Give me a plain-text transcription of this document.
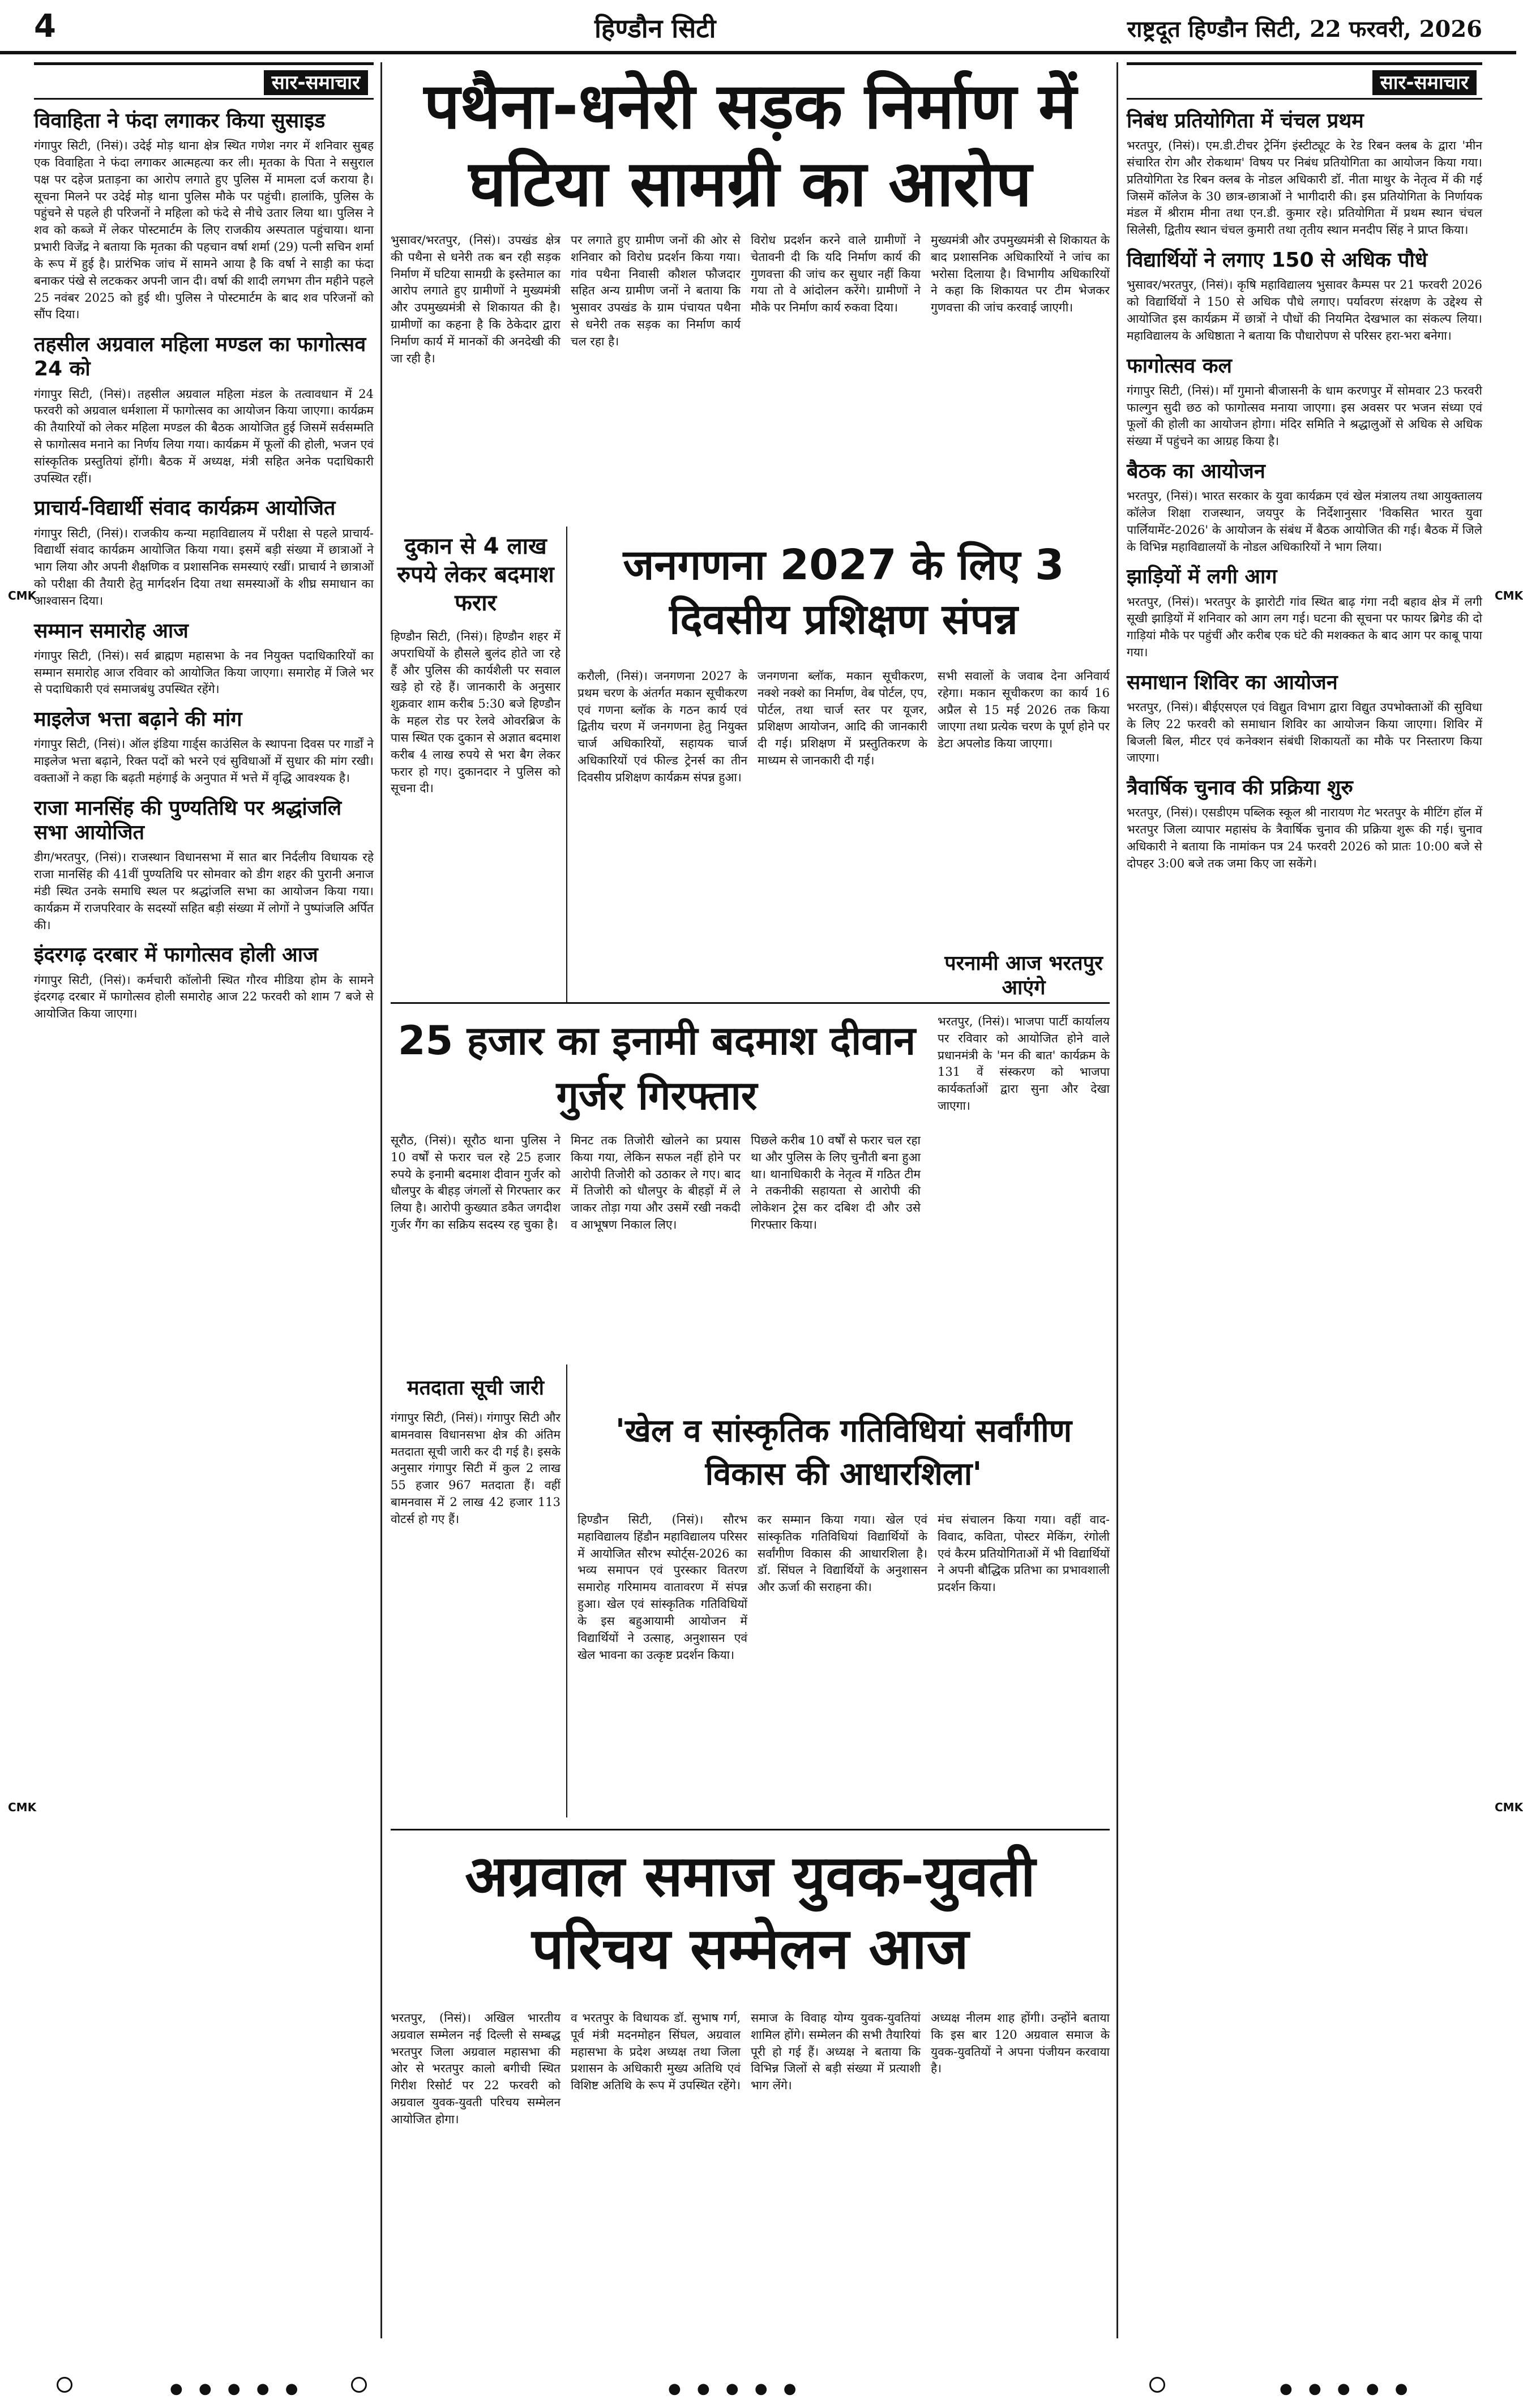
4	हिण्डौन सिटी	राष्ट्रदूत हिण्डौन सिटी, 22 फरवरी, 2026
सार-समाचार
विवाहिता ने फंदा लगाकर किया सुसाइड
गंगापुर सिटी, (निसं)। उदेई मोड़ थाना क्षेत्र स्थित गणेश नगर में शनिवार सुबह एक विवाहिता ने फंदा लगाकर आत्महत्या कर ली। मृतका के पिता ने ससुराल पक्ष पर दहेज प्रताड़ना का आरोप लगाते हुए पुलिस में मामला दर्ज कराया है। सूचना मिलने पर उदेई मोड़ थाना पुलिस मौके पर पहुंची। हालांकि, पुलिस के पहुंचने से पहले ही परिजनों ने महिला को फंदे से नीचे उतार लिया था। पुलिस ने शव को कब्जे में लेकर पोस्टमार्टम के लिए राजकीय अस्पताल पहुंचाया। थाना प्रभारी विजेंद्र ने बताया कि मृतका की पहचान वर्षा शर्मा (29) पत्नी सचिन शर्मा के रूप में हुई है। प्रारंभिक जांच में सामने आया है कि वर्षा ने साड़ी का फंदा बनाकर पंखे से लटककर अपनी जान दी। वर्षा की शादी लगभग तीन महीने पहले 25 नवंबर 2025 को हुई थी। पुलिस ने पोस्टमार्टम के बाद शव परिजनों को सौंप दिया।
तहसील अग्रवाल महिला मण्डल का फागोत्सव 24 को
गंगापुर सिटी, (निसं)। तहसील अग्रवाल महिला मंडल के तत्वावधान में 24 फरवरी को अग्रवाल धर्मशाला में फागोत्सव का आयोजन किया जाएगा। कार्यक्रम की तैयारियों को लेकर महिला मण्डल की बैठक आयोजित हुई जिसमें सर्वसम्मति से फागोत्सव मनाने का निर्णय लिया गया। कार्यक्रम में फूलों की होली, भजन एवं सांस्कृतिक प्रस्तुतियां होंगी। बैठक में अध्यक्ष, मंत्री सहित अनेक पदाधिकारी उपस्थित रहीं।
प्राचार्य-विद्यार्थी संवाद कार्यक्रम आयोजित
गंगापुर सिटी, (निसं)। राजकीय कन्या महाविद्यालय में परीक्षा से पहले प्राचार्य-विद्यार्थी संवाद कार्यक्रम आयोजित किया गया। इसमें बड़ी संख्या में छात्राओं ने भाग लिया और अपनी शैक्षणिक व प्रशासनिक समस्याएं रखीं। प्राचार्य ने छात्राओं को परीक्षा की तैयारी हेतु मार्गदर्शन दिया तथा समस्याओं के शीघ्र समाधान का आश्वासन दिया।
सम्मान समारोह आज
गंगापुर सिटी, (निसं)। सर्व ब्राह्मण महासभा के नव नियुक्त पदाधिकारियों का सम्मान समारोह आज रविवार को आयोजित किया जाएगा। समारोह में जिले भर से पदाधिकारी एवं समाजबंधु उपस्थित रहेंगे।
माइलेज भत्ता बढ़ाने की मांग
गंगापुर सिटी, (निसं)। ऑल इंडिया गार्ड्स काउंसिल के स्थापना दिवस पर गार्डों ने माइलेज भत्ता बढ़ाने, रिक्त पदों को भरने एवं सुविधाओं में सुधार की मांग रखी। वक्ताओं ने कहा कि बढ़ती महंगाई के अनुपात में भत्ते में वृद्धि आवश्यक है।
राजा मानसिंह की पुण्यतिथि पर श्रद्धांजलि सभा आयोजित
डीग/भरतपुर, (निसं)। राजस्थान विधानसभा में सात बार निर्दलीय विधायक रहे राजा मानसिंह की 41वीं पुण्यतिथि पर सोमवार को डीग शहर की पुरानी अनाज मंडी स्थित उनके समाधि स्थल पर श्रद्धांजलि सभा का आयोजन किया गया। कार्यक्रम में राजपरिवार के सदस्यों सहित बड़ी संख्या में लोगों ने पुष्पांजलि अर्पित की।
इंदरगढ़ दरबार में फागोत्सव होली आज
गंगापुर सिटी, (निसं)। कर्मचारी कॉलोनी स्थित गौरव मीडिया होम के सामने इंदरगढ़ दरबार में फागोत्सव होली समारोह आज 22 फरवरी को शाम 7 बजे से आयोजित किया जाएगा।
पथैना-धनेरी सड़क निर्माण में घटिया सामग्री का आरोप
भुसावर/भरतपुर, (निसं)। उपखंड क्षेत्र की पथैना से धनेरी तक बन रही सड़क निर्माण में घटिया सामग्री के इस्तेमाल का आरोप लगाते हुए ग्रामीणों ने मुख्यमंत्री और उपमुख्यमंत्री से शिकायत की है। ग्रामीणों का कहना है कि ठेकेदार द्वारा निर्माण कार्य में मानकों की अनदेखी की जा रही है।
पर लगाते हुए ग्रामीण जनों की ओर से शनिवार को विरोध प्रदर्शन किया गया। गांव पथैना निवासी कौशल फौजदार सहित अन्य ग्रामीण जनों ने बताया कि भुसावर उपखंड के ग्राम पंचायत पथैना से धनेरी तक सड़क का निर्माण कार्य चल रहा है।
विरोध प्रदर्शन करने वाले ग्रामीणों ने चेतावनी दी कि यदि निर्माण कार्य की गुणवत्ता की जांच कर सुधार नहीं किया गया तो वे आंदोलन करेंगे। ग्रामीणों ने मौके पर निर्माण कार्य रुकवा दिया।
मुख्यमंत्री और उपमुख्यमंत्री से शिकायत के बाद प्रशासनिक अधिकारियों ने जांच का भरोसा दिलाया है। विभागीय अधिकारियों ने कहा कि शिकायत पर टीम भेजकर गुणवत्ता की जांच करवाई जाएगी।
दुकान से 4 लाख रुपये लेकर बदमाश फरार
हिण्डौन सिटी, (निसं)। हिण्डौन शहर में अपराधियों के हौसले बुलंद होते जा रहे हैं और पुलिस की कार्यशैली पर सवाल खड़े हो रहे हैं। जानकारी के अनुसार शुक्रवार शाम करीब 5:30 बजे हिण्डौन के महल रोड पर रेलवे ओवरब्रिज के पास स्थित एक दुकान से अज्ञात बदमाश करीब 4 लाख रुपये से भरा बैग लेकर फरार हो गए। दुकानदार ने पुलिस को सूचना दी।
जनगणना 2027 के लिए 3 दिवसीय प्रशिक्षण संपन्न
करौली, (निसं)। जनगणना 2027 के प्रथम चरण के अंतर्गत मकान सूचीकरण एवं गणना ब्लॉक के गठन कार्य एवं द्वितीय चरण में जनगणना हेतु नियुक्त चार्ज अधिकारियों, सहायक चार्ज अधिकारियों एवं फील्ड ट्रेनर्स का तीन दिवसीय प्रशिक्षण कार्यक्रम संपन्न हुआ।
जनगणना ब्लॉक, मकान सूचीकरण, नक्शे नक्शे का निर्माण, वेब पोर्टल, एप, पोर्टल, तथा चार्ज स्तर पर यूजर, प्रशिक्षण आयोजन, आदि की जानकारी दी गई। प्रशिक्षण में प्रस्तुतिकरण के माध्यम से जानकारी दी गई।
सभी सवालों के जवाब देना अनिवार्य रहेगा। मकान सूचीकरण का कार्य 16 अप्रैल से 15 मई 2026 तक किया जाएगा तथा प्रत्येक चरण के पूर्ण होने पर डेटा अपलोड किया जाएगा।
परनामी आज भरतपुर आएंगे
25 हजार का इनामी बदमाश दीवान गुर्जर गिरफ्तार
भरतपुर, (निसं)। भाजपा पार्टी कार्यालय पर रविवार को आयोजित होने वाले प्रधानमंत्री के 'मन की बात' कार्यक्रम के 131 वें संस्करण को भाजपा कार्यकर्ताओं द्वारा सुना और देखा जाएगा।
सूरौठ, (निसं)। सूरौठ थाना पुलिस ने 10 वर्षों से फरार चल रहे 25 हजार रुपये के इनामी बदमाश दीवान गुर्जर को धौलपुर के बीहड़ जंगलों से गिरफ्तार कर लिया है। आरोपी कुख्यात डकैत जगदीश गुर्जर गैंग का सक्रिय सदस्य रह चुका है।
मिनट तक तिजोरी खोलने का प्रयास किया गया, लेकिन सफल नहीं होने पर आरोपी तिजोरी को उठाकर ले गए। बाद में तिजोरी को धौलपुर के बीहड़ों में ले जाकर तोड़ा गया और उसमें रखी नकदी व आभूषण निकाल लिए।
पिछले करीब 10 वर्षों से फरार चल रहा था और पुलिस के लिए चुनौती बना हुआ था। थानाधिकारी के नेतृत्व में गठित टीम ने तकनीकी सहायता से आरोपी की लोकेशन ट्रेस कर दबिश दी और उसे गिरफ्तार किया।
मतदाता सूची जारी
गंगापुर सिटी, (निसं)। गंगापुर सिटी और बामनवास विधानसभा क्षेत्र की अंतिम मतदाता सूची जारी कर दी गई है। इसके अनुसार गंगापुर सिटी में कुल 2 लाख 55 हजार 967 मतदाता हैं। वहीं बामनवास में 2 लाख 42 हजार 113 वोटर्स हो गए हैं।
'खेल व सांस्कृतिक गतिविधियां सर्वांगीण विकास की आधारशिला'
हिण्डौन सिटी, (निसं)। सौरभ महाविद्यालय हिंडौन महाविद्यालय परिसर में आयोजित सौरभ स्पोर्ट्स-2026 का भव्य समापन एवं पुरस्कार वितरण समारोह गरिमामय वातावरण में संपन्न हुआ। खेल एवं सांस्कृतिक गतिविधियों के इस बहुआयामी आयोजन में विद्यार्थियों ने उत्साह, अनुशासन एवं खेल भावना का उत्कृष्ट प्रदर्शन किया।
कर सम्मान किया गया। खेल एवं सांस्कृतिक गतिविधियां विद्यार्थियों के सर्वांगीण विकास की आधारशिला है। डॉ. सिंघल ने विद्यार्थियों के अनुशासन और ऊर्जा की सराहना की।
मंच संचालन किया गया। वहीं वाद-विवाद, कविता, पोस्टर मेकिंग, रंगोली एवं कैरम प्रतियोगिताओं में भी विद्यार्थियों ने अपनी बौद्धिक प्रतिभा का प्रभावशाली प्रदर्शन किया।
अग्रवाल समाज युवक-युवती परिचय सम्मेलन आज
भरतपुर, (निसं)। अखिल भारतीय अग्रवाल सम्मेलन नई दिल्ली से सम्बद्ध भरतपुर जिला अग्रवाल महासभा की ओर से भरतपुर कालो बगीची स्थित गिरीश रिसोर्ट पर 22 फरवरी को अग्रवाल युवक-युवती परिचय सम्मेलन आयोजित होगा।
व भरतपुर के विधायक डॉ. सुभाष गर्ग, पूर्व मंत्री मदनमोहन सिंघल, अग्रवाल महासभा के प्रदेश अध्यक्ष तथा जिला प्रशासन के अधिकारी मुख्य अतिथि एवं विशिष्ट अतिथि के रूप में उपस्थित रहेंगे।
समाज के विवाह योग्य युवक-युवतियां शामिल होंगे। सम्मेलन की सभी तैयारियां पूरी हो गई हैं। अध्यक्ष ने बताया कि विभिन्न जिलों से बड़ी संख्या में प्रत्याशी भाग लेंगे।
अध्यक्ष नीलम शाह होंगी। उन्होंने बताया कि इस बार 120 अग्रवाल समाज के युवक-युवतियों ने अपना पंजीयन करवाया है।
सार-समाचार
निबंध प्रतियोगिता में चंचल प्रथम
भरतपुर, (निसं)। एम.डी.टीचर ट्रेनिंग इंस्टीट्यूट के रेड रिबन क्लब के द्वारा 'मीन संचारित रोग और रोकथाम' विषय पर निबंध प्रतियोगिता का आयोजन किया गया। प्रतियोगिता रेड रिबन क्लब के नोडल अधिकारी डॉ. नीता माथुर के नेतृत्व में की गई जिसमें कॉलेज के 30 छात्र-छात्राओं ने भागीदारी की। इस प्रतियोगिता के निर्णायक मंडल में श्रीराम मीना तथा एन.डी. कुमार रहे। प्रतियोगिता में प्रथम स्थान चंचल सिलेसी, द्वितीय स्थान चंचल कुमारी तथा तृतीय स्थान मनदीप सिंह ने प्राप्त किया।
विद्यार्थियों ने लगाए 150 से अधिक पौधे
भुसावर/भरतपुर, (निसं)। कृषि महाविद्यालय भुसावर कैम्पस पर 21 फरवरी 2026 को विद्यार्थियों ने 150 से अधिक पौधे लगाए। पर्यावरण संरक्षण के उद्देश्य से आयोजित इस कार्यक्रम में छात्रों ने पौधों की नियमित देखभाल का संकल्प लिया। महाविद्यालय के अधिष्ठाता ने बताया कि पौधारोपण से परिसर हरा-भरा बनेगा।
फागोत्सव कल
गंगापुर सिटी, (निसं)। माँ गुमानो बीजासनी के धाम करणपुर में सोमवार 23 फरवरी फाल्गुन सुदी छठ को फागोत्सव मनाया जाएगा। इस अवसर पर भजन संध्या एवं फूलों की होली का आयोजन होगा। मंदिर समिति ने श्रद्धालुओं से अधिक से अधिक संख्या में पहुंचने का आग्रह किया है।
बैठक का आयोजन
भरतपुर, (निसं)। भारत सरकार के युवा कार्यक्रम एवं खेल मंत्रालय तथा आयुक्तालय कॉलेज शिक्षा राजस्थान, जयपुर के निर्देशानुसार 'विकसित भारत युवा पार्लियामेंट-2026' के आयोजन के संबंध में बैठक आयोजित की गई। बैठक में जिले के विभिन्न महाविद्यालयों के नोडल अधिकारियों ने भाग लिया।
झाड़ियों में लगी आग
भरतपुर, (निसं)। भरतपुर के झारोटी गांव स्थित बाढ़ गंगा नदी बहाव क्षेत्र में लगी सूखी झाड़ियों में शनिवार को आग लग गई। घटना की सूचना पर फायर ब्रिगेड की दो गाड़ियां मौके पर पहुंचीं और करीब एक घंटे की मशक्कत के बाद आग पर काबू पाया गया।
समाधान शिविर का आयोजन
भरतपुर, (निसं)। बीईएसएल एवं विद्युत विभाग द्वारा विद्युत उपभोक्ताओं की सुविधा के लिए 22 फरवरी को समाधान शिविर का आयोजन किया जाएगा। शिविर में बिजली बिल, मीटर एवं कनेक्शन संबंधी शिकायतों का मौके पर निस्तारण किया जाएगा।
त्रैवार्षिक चुनाव की प्रक्रिया शुरु
भरतपुर, (निसं)। एसडीएम पब्लिक स्कूल श्री नारायण गेट भरतपुर के मीटिंग हॉल में भरतपुर जिला व्यापार महासंघ के त्रैवार्षिक चुनाव की प्रक्रिया शुरू की गई। चुनाव अधिकारी ने बताया कि नामांकन पत्र 24 फरवरी 2026 को प्रातः 10:00 बजे से दोपहर 3:00 बजे तक जमा किए जा सकेंगे।
CMK	CMK
CMK	CMK
● ● ● ● ●	● ● ● ● ●	● ● ● ● ●
